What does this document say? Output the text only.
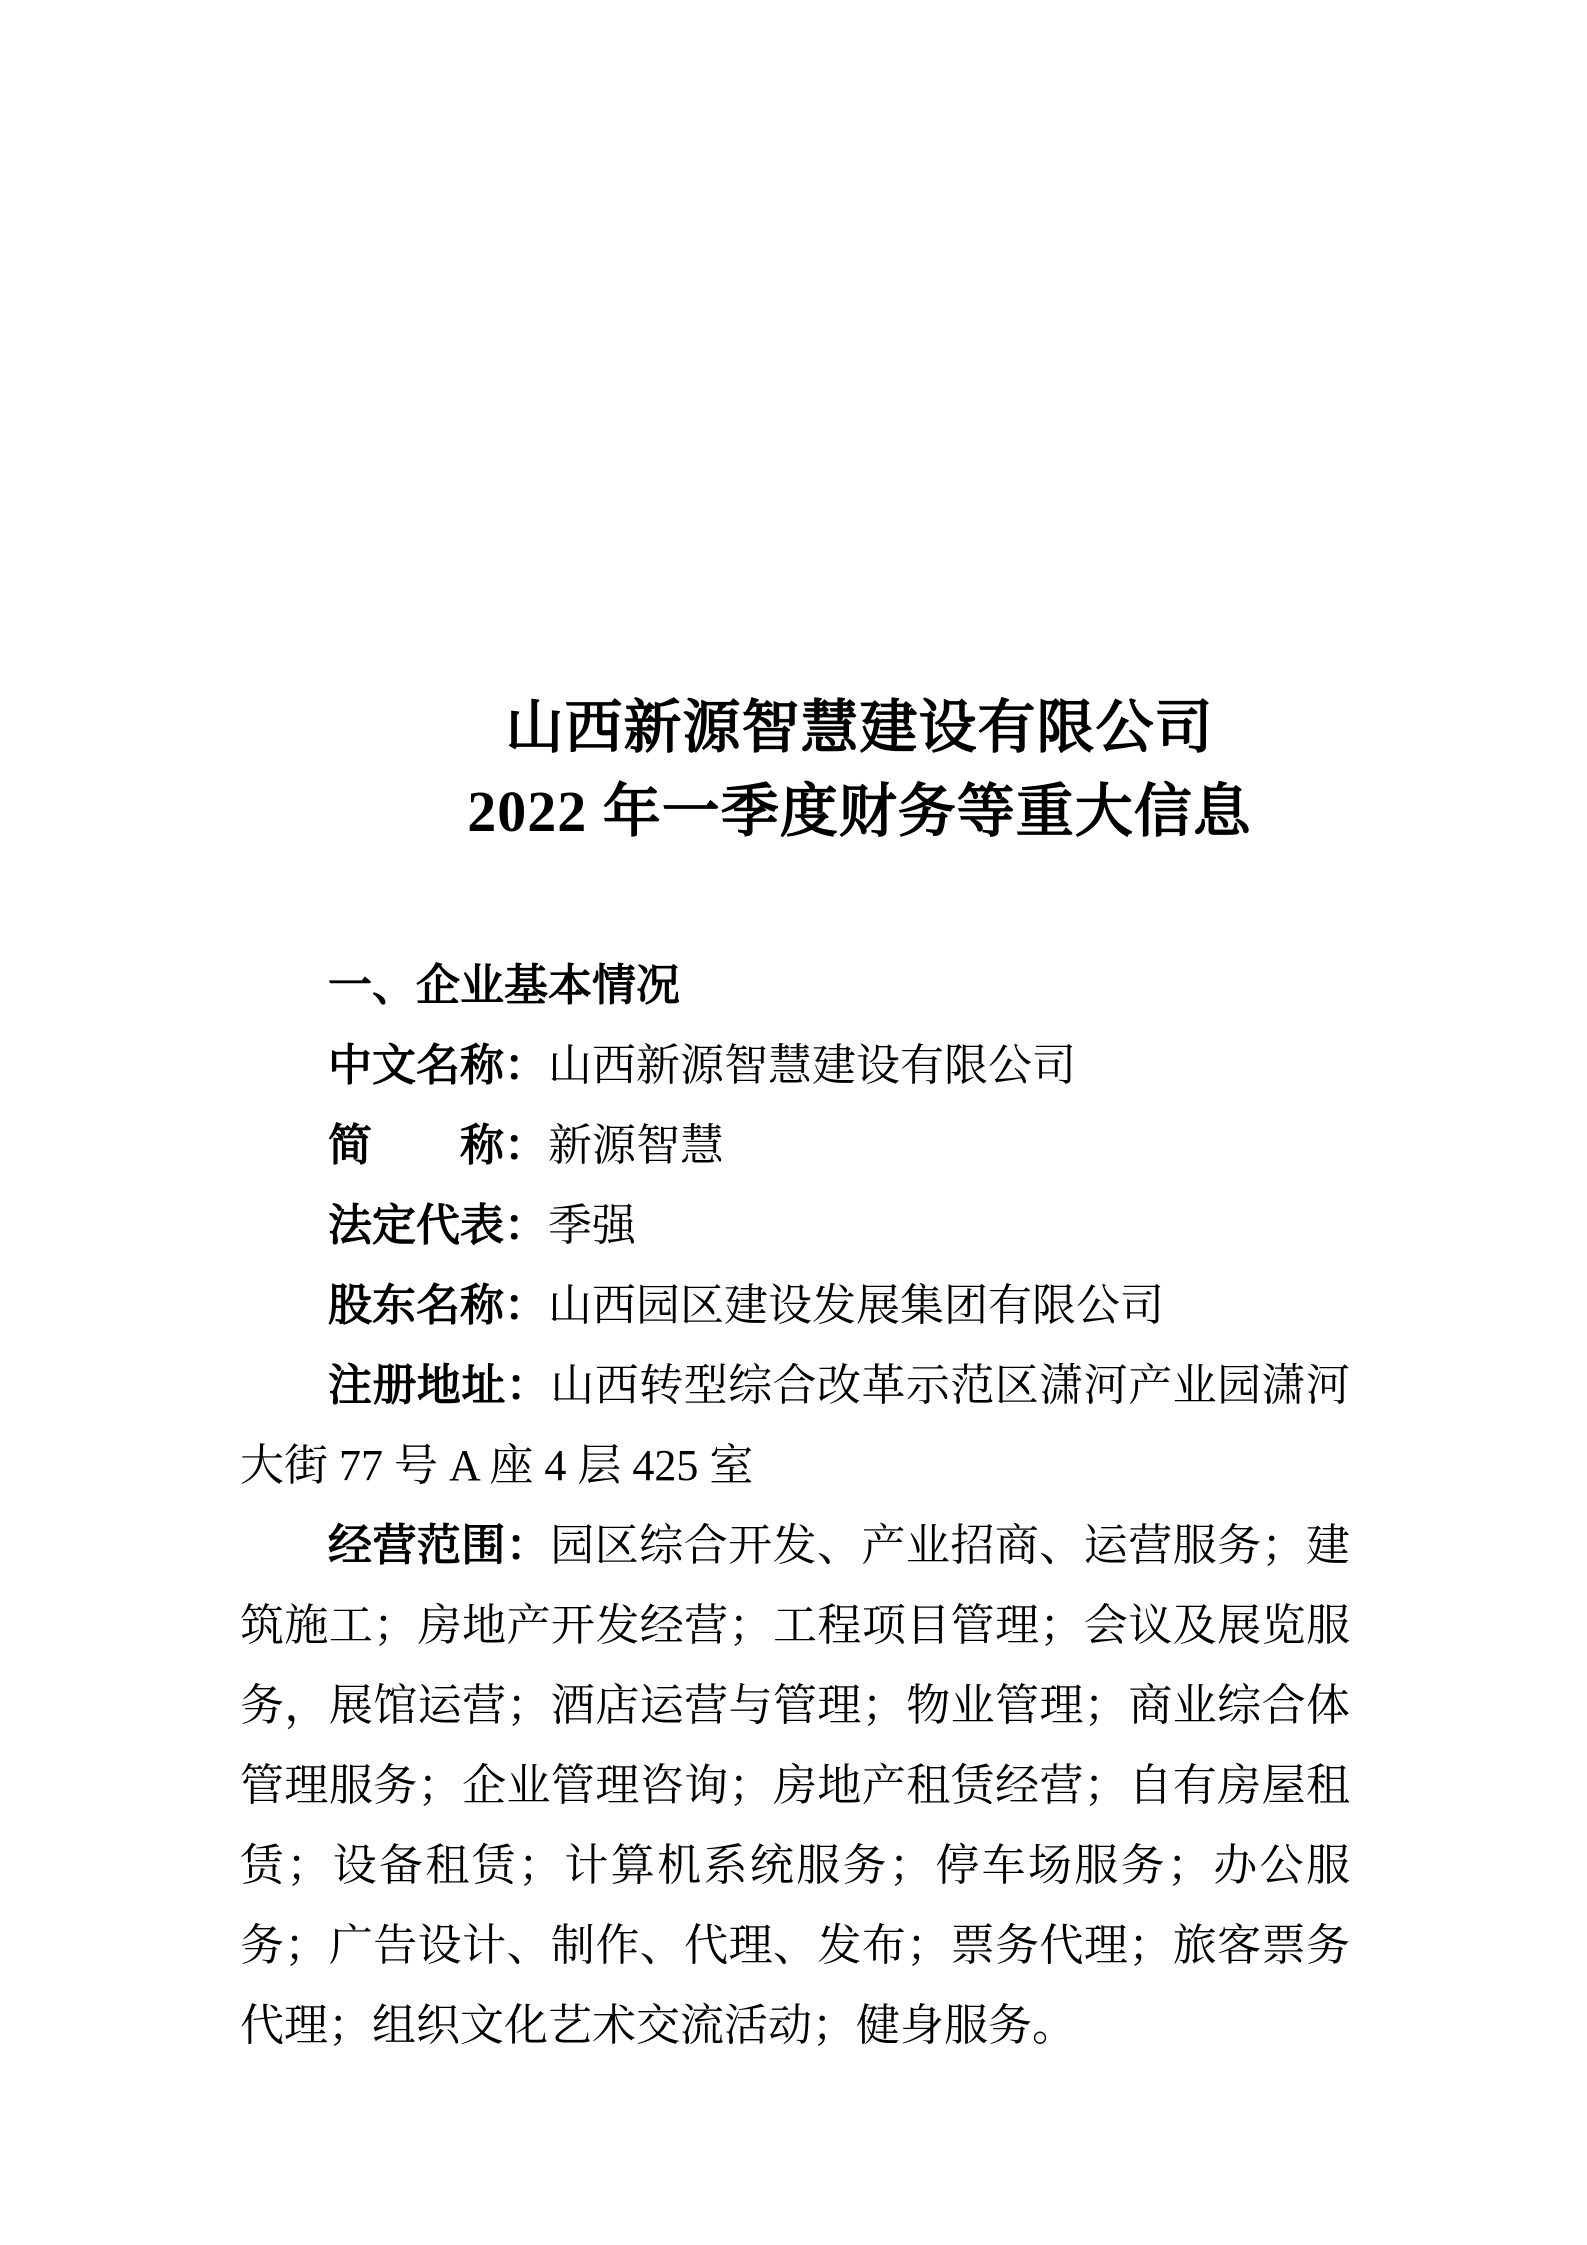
山西新源智慧建设有限公司
2022 年一季度财务等重大信息
一、企业基本情况

中文名称：山西新源智慧建设有限公司

简　　称：新源智慧

法定代表：季强

股东名称：山西园区建设发展集团有限公司

注册地址：山西转型综合改革示范区潇河产业园潇河大街 77 号 A 座 4 层 425 室

经营范围：园区综合开发、产业招商、运营服务；建筑施工；房地产开发经营；工程项目管理；会议及展览服务，展馆运营；酒店运营与管理；物业管理；商业综合体管理服务；企业管理咨询；房地产租赁经营；自有房屋租赁；设备租赁；计算机系统服务；停车场服务；办公服务；广告设计、制作、代理、发布；票务代理；旅客票务代理；组织文化艺术交流活动；健身服务。
